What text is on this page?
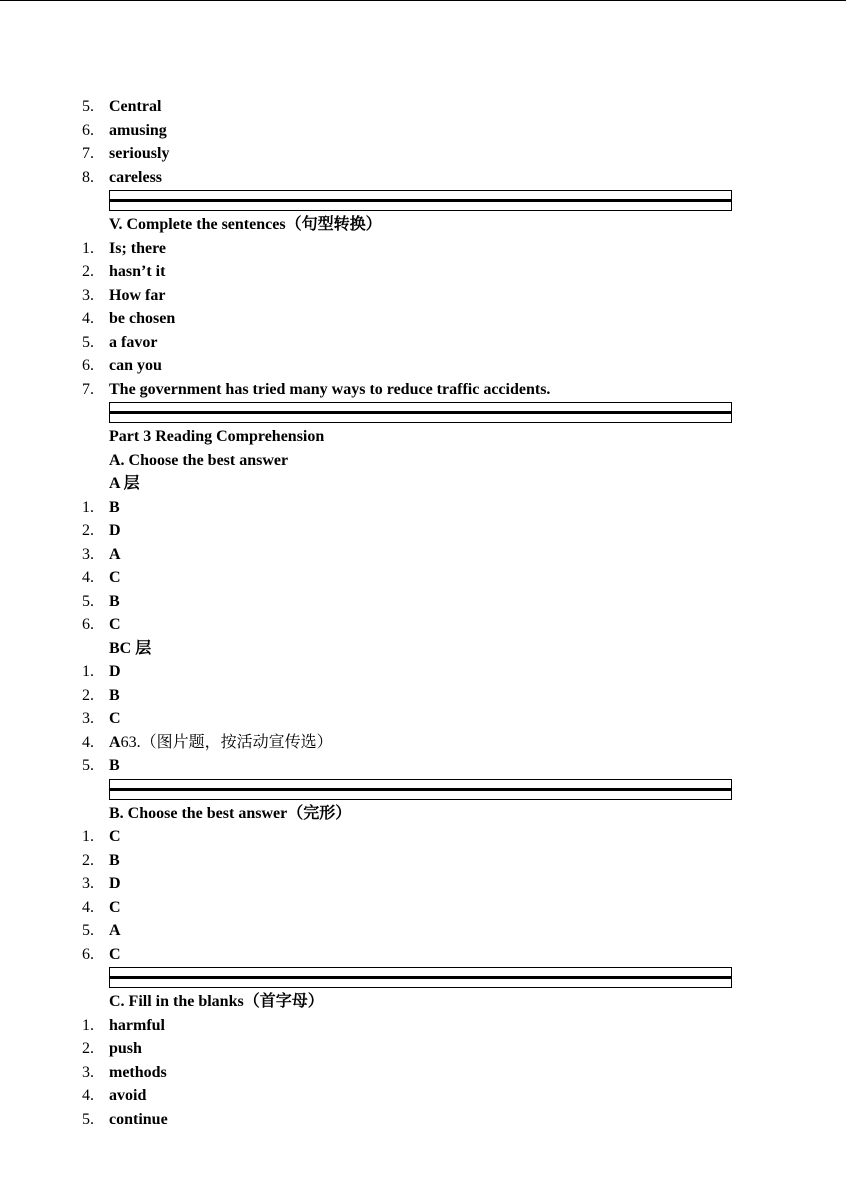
5. Central
6. amusing
7. seriously
8. careless
V. Complete the sentences（句型转换）
1. Is; there
2. hasn’t it
3. How far
4. be chosen
5. a favor
6. can you
7. The government has tried many ways to reduce traffic accidents.
Part 3 Reading Comprehension
A. Choose the best answer
A 层
1. B
2. D
3. A
4. C
5. B
6. C
BC 层
1. D
2. B
3. C
4. A63.（图片题，按活动宣传选）
5. B
B. Choose the best answer（完形）
1. C
2. B
3. D
4. C
5. A
6. C
C. Fill in the blanks（首字母）
1. harmful
2. push
3. methods
4. avoid
5. continue
